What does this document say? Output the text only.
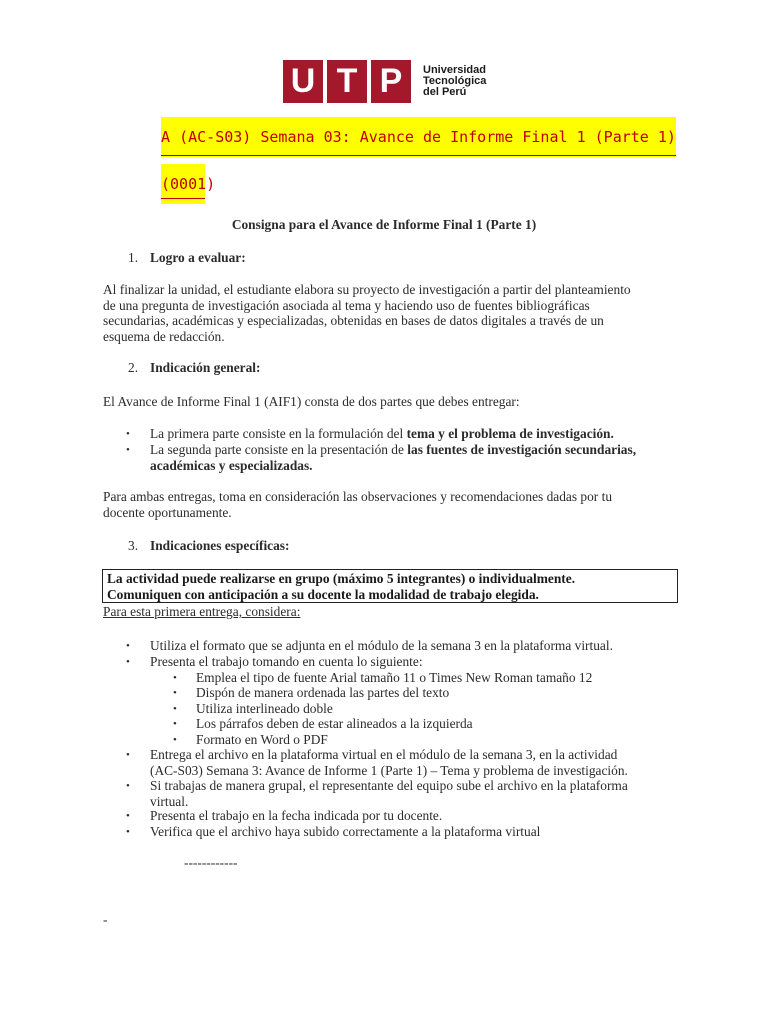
U T P	Universidad
Tecnológica
del Perú
A (AC-S03) Semana 03: Avance de Informe Final 1 (Parte 1)
(0001)
Consigna para el Avance de Informe Final 1 (Parte 1)
1. Logro a evaluar:
Al finalizar la unidad, el estudiante elabora su proyecto de investigación a partir del planteamiento
de una pregunta de investigación asociada al tema y haciendo uso de fuentes bibliográficas
secundarias, académicas y especializadas, obtenidas en bases de datos digitales a través de un
esquema de redacción.
2. Indicación general:
El Avance de Informe Final 1 (AIF1) consta de dos partes que debes entregar:
• La primera parte consiste en la formulación del tema y el problema de investigación.
• La segunda parte consiste en la presentación de las fuentes de investigación secundarias,
académicas y especializadas.
Para ambas entregas, toma en consideración las observaciones y recomendaciones dadas por tu
docente oportunamente.
3. Indicaciones específicas:
La actividad puede realizarse en grupo (máximo 5 integrantes) o individualmente.
Comuniquen con anticipación a su docente la modalidad de trabajo elegida.
Para esta primera entrega, considera:
• Utiliza el formato que se adjunta en el módulo de la semana 3 en la plataforma virtual.
• Presenta el trabajo tomando en cuenta lo siguiente:
• Emplea el tipo de fuente Arial tamaño 11 o Times New Roman tamaño 12
• Dispón de manera ordenada las partes del texto
• Utiliza interlineado doble
• Los párrafos deben de estar alineados a la izquierda
• Formato en Word o PDF
• Entrega el archivo en la plataforma virtual en el módulo de la semana 3, en la actividad
(AC-S03) Semana 3: Avance de Informe 1 (Parte 1) – Tema y problema de investigación.
• Si trabajas de manera grupal, el representante del equipo sube el archivo en la plataforma
virtual.
• Presenta el trabajo en la fecha indicada por tu docente.
• Verifica que el archivo haya subido correctamente a la plataforma virtual
------------
-
